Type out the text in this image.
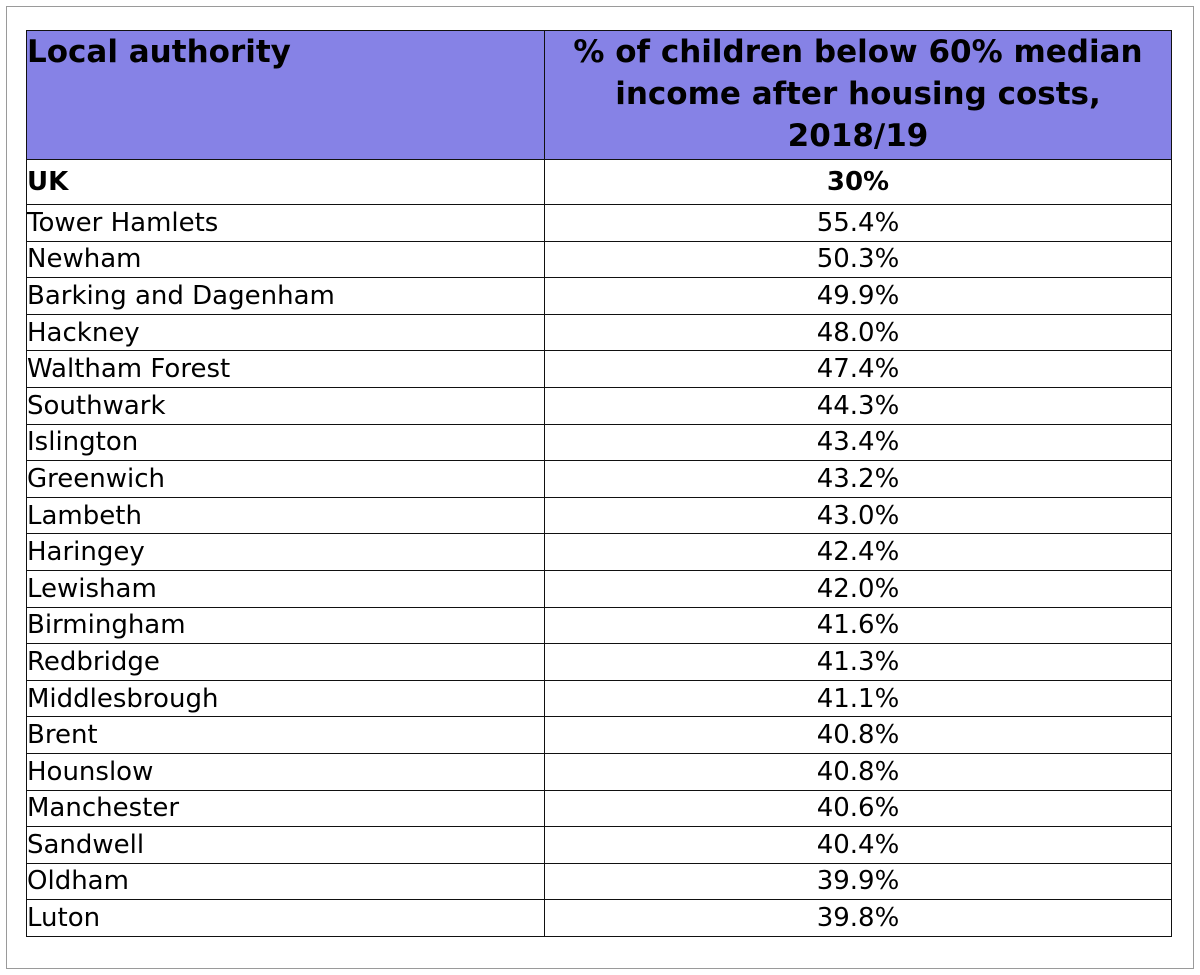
Local authority	% of children below 60% median
income after housing costs,
2018/19

UK	30%
Tower Hamlets	55.4%
Newham	50.3%
Barking and Dagenham	49.9%
Hackney	48.0%
Waltham Forest	47.4%
Southwark	44.3%
Islington	43.4%
Greenwich	43.2%
Lambeth	43.0%
Haringey	42.4%
Lewisham	42.0%
Birmingham	41.6%
Redbridge	41.3%
Middlesbrough	41.1%
Brent	40.8%
Hounslow	40.8%
Manchester	40.6%
Sandwell	40.4%
Oldham	39.9%
Luton	39.8%
